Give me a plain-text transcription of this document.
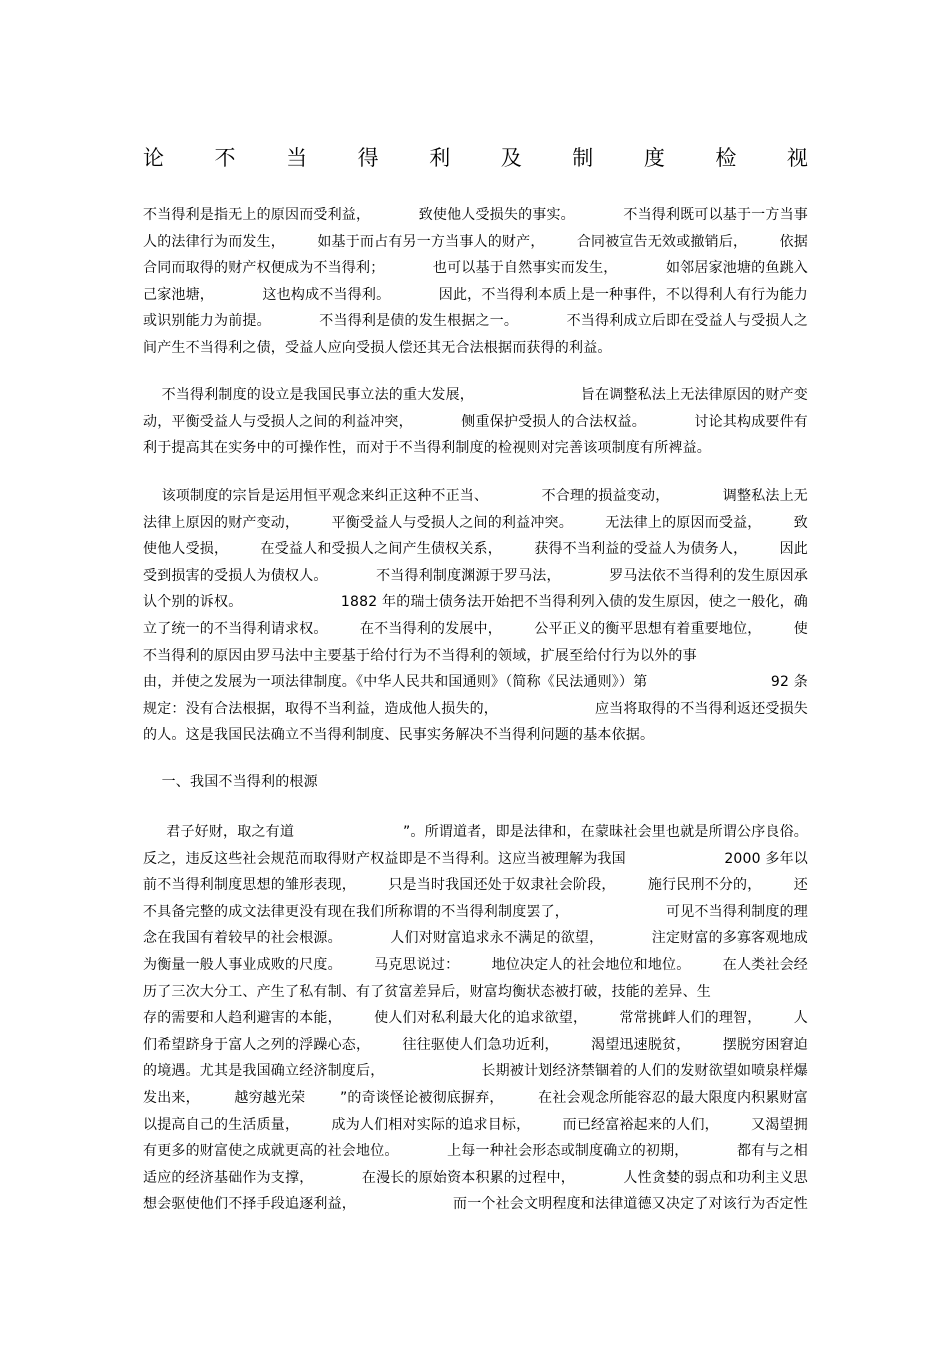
论 不 当 得 利 及 制 度 检 视
不当得利是指无上的原因而受利益，	致使他人受损失的事实。	不当得利既可以基于一方当事
人的法律行为而发生， 如基于而占有另一方当事人的财产， 合同被宣告无效或撤销后， 依据
合同而取得的财产权便成为不当得利；	也可以基于自然事实而发生，	如邻居家池塘的鱼跳入
己家池塘，	这也构成不当得利。	因此，不当得利本质上是一种事件，不以得利人有行为能力
或识别能力为前提。	不当得利是债的发生根据之一。	不当得利成立后即在受益人与受损人之
间产生不当得利之债，受益人应向受损人偿还其无合法根据而获得的利益。
不当得利制度的设立是我国民事立法的重大发展，	旨在调整私法上无法律原因的财产变
动，平衡受益人与受损人之间的利益冲突，	侧重保护受损人的合法权益。	讨论其构成要件有
利于提高其在实务中的可操作性，而对于不当得利制度的检视则对完善该项制度有所裨益。
该项制度的宗旨是运用恒平观念来纠正这种不正当、	不合理的损益变动，	调整私法上无
法律上原因的财产变动， 平衡受益人与受损人之间的利益冲突。 无法律上的原因而受益， 致
使他人受损， 在受益人和受损人之间产生债权关系， 获得不当利益的受益人为债务人， 因此
受到损害的受损人为债权人。	不当得利制度渊源于罗马法，	罗马法依不当得利的发生原因承
认个别的诉权。	1882 年的瑞士债务法开始把不当得利列入债的发生原因，使之一般化，确
立了统一的不当得利请求权。 在不当得利的发展中， 公平正义的衡平思想有着重要地位， 使
不当得利的原因由罗马法中主要基于给付行为不当得利的领域，扩展至给付行为以外的事
由，并使之发展为一项法律制度。《中华人民共和国通则》（简称《民法通则》）第	92 条
规定：没有合法根据，取得不当利益，造成他人损失的，	应当将取得的不当得利返还受损失
的人。这是我国民法确立不当得利制度、民事实务解决不当得利问题的基本依据。
一、我国不当得利的根源
君子好财，取之有道	”。所谓道者，即是法律和，在蒙昧社会里也就是所谓公序良俗。
反之，违反这些社会规范而取得财产权益即是不当得利。这应当被理解为我国	2000 多年以
前不当得利制度思想的雏形表现， 只是当时我国还处于奴隶社会阶段， 施行民刑不分的， 还
不具备完整的成文法律更没有现在我们所称谓的不当得利制度罢了，	可见不当得利制度的理
念在我国有着较早的社会根源。	人们对财富追求永不满足的欲望，	注定财富的多寡客观地成
为衡量一般人事业成败的尺度。 马克思说过： 地位决定人的社会地位和地位。 在人类社会经
历了三次大分工、产生了私有制、有了贫富差异后，财富均衡状态被打破，技能的差异、生
存的需要和人趋利避害的本能， 使人们对私利最大化的追求欲望， 常常挑衅人们的理智， 人
们希望跻身于富人之列的浮躁心态， 往往驱使人们急功近利， 渴望迅速脱贫， 摆脱穷困窘迫
的境遇。尤其是我国确立经济制度后，	长期被计划经济禁锢着的人们的发财欲望如喷泉样爆
发出来， 越穷越光荣 ”的奇谈怪论被彻底摒弃， 在社会观念所能容忍的最大限度内积累财富
以提高自己的生活质量， 成为人们相对实际的追求目标， 而已经富裕起来的人们， 又渴望拥
有更多的财富使之成就更高的社会地位。	上每一种社会形态或制度确立的初期，	都有与之相
适应的经济基础作为支撑，	在漫长的原始资本积累的过程中，	人性贪婪的弱点和功利主义思
想会驱使他们不择手段追逐利益，	而一个社会文明程度和法律道德又决定了对该行为否定性
